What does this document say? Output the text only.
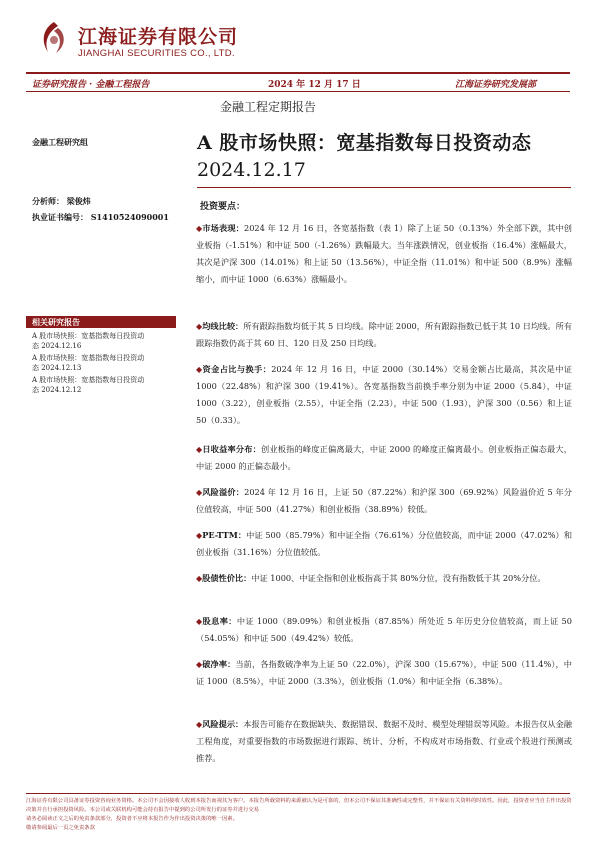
江海证券有限公司
JIANGHAI SECURITIES CO., LTD.
证券研究报告 · 金融工程报告	2024 年 12 月 17 日	江海证券研究发展部
金融工程定期报告
金融工程研究组
分析师： 梁俊炜
执业证书编号： S1410524090001
相关研究报告
A 股市场快照：宽基指数每日投资动
态 2024.12.16
A 股市场快照：宽基指数每日投资动
态 2024.12.13
A 股市场快照：宽基指数每日投资动
态 2024.12.12
A 股市场快照：宽基指数每日投资动态
2024.12.17
投资要点：
◆市场表现：2024 年 12 月 16 日，各宽基指数（表 1）除了上证 50（0.13%）外全部下跌，其中创业板指（-1.51%）和中证 500（-1.26%）跌幅最大。当年涨跌情况，创业板指（16.4%）涨幅最大，其次是沪深 300（14.01%）和上证 50（13.56%），中证全指（11.01%）和中证 500（8.9%）涨幅缩小，而中证 1000（6.63%）涨幅最小。
◆均线比较：所有跟踪指数均低于其 5 日均线。除中证 2000，所有跟踪指数已低于其 10 日均线。所有跟踪指数仍高于其 60 日、120 日及 250 日均线。
◆资金占比与换手：2024 年 12 月 16 日，中证 2000（30.14%）交易金额占比最高，其次是中证 1000（22.48%）和沪深 300（19.41%）。各宽基指数当前换手率分别为中证 2000（5.84），中证 1000（3.22），创业板指（2.55），中证全指（2.23），中证 500（1.93），沪深 300（0.56）和上证 50（0.33）。
◆日收益率分布：创业板指的峰度正偏离最大，中证 2000 的峰度正偏离最小。创业板指正偏态最大，中证 2000 的正偏态最小。
◆风险溢价：2024 年 12 月 16 日，上证 50（87.22%）和沪深 300（69.92%）风险溢价近 5 年分位值较高，中证 500（41.27%）和创业板指（38.89%）较低。
◆PE-TTM：中证 500（85.79%）和中证全指（76.61%）分位值较高，而中证 2000（47.02%）和创业板指（31.16%）分位值较低。
◆股债性价比：中证 1000、中证全指和创业板指高于其 80%分位，没有指数低于其 20%分位。
◆股息率：中证 1000（89.09%）和创业板指（87.85%）所处近 5 年历史分位值较高，而上证 50（54.05%）和中证 500（49.42%）较低。
◆破净率：当前，各指数破净率为上证 50（22.0%），沪深 300（15.67%），中证 500（11.4%），中证 1000（8.5%），中证 2000（3.3%），创业板指（1.0%）和中证全指（6.38%）。
◆风险提示：本报告可能存在数据缺失、数据错误、数据不及时、模型处理错误等风险。本报告仅从金融工程角度，对重要指数的市场数据进行跟踪、统计、分析，不构成对市场指数、行业或个股进行预测或推荐。
江海证券有限公司具备证券投资咨询业务资格。本公司不会因接收人收到本报告而视其为客户。本报告所载资料的来源被认为是可靠的，但本公司不保证其准确性或完整性，并不保证有关资料的时效性。因此，投资者应当自主作出投资决策并自行承担投资风险。本公司或关联机构可能会持有报告中提到的公司所发行的证券并进行交易
请务必阅读正文之后的免责条款部分，投资者不应将本报告作为作出投资决策的唯一因素。
敬请参阅最后一页之免责条款
